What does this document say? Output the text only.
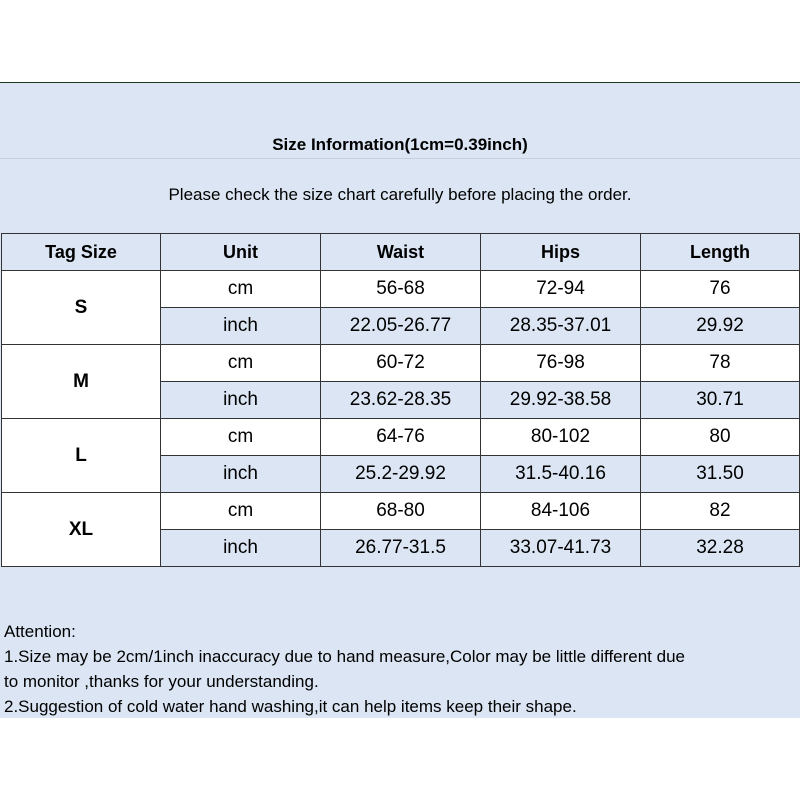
Size Information(1cm=0.39inch)
Please check the size chart carefully before placing the order.
Tag Size	Unit	Waist	Hips	Length
S	cm	56-68	72-94	76
	inch	22.05-26.77	28.35-37.01	29.92
M	cm	60-72	76-98	78
	inch	23.62-28.35	29.92-38.58	30.71
L	cm	64-76	80-102	80
	inch	25.2-29.92	31.5-40.16	31.50
XL	cm	68-80	84-106	82
	inch	26.77-31.5	33.07-41.73	32.28
Attention:
1.Size may be 2cm/1inch inaccuracy due to hand measure,Color may be little different due
to monitor ,thanks for your understanding.
2.Suggestion of cold water hand washing,it can help items keep their shape.
